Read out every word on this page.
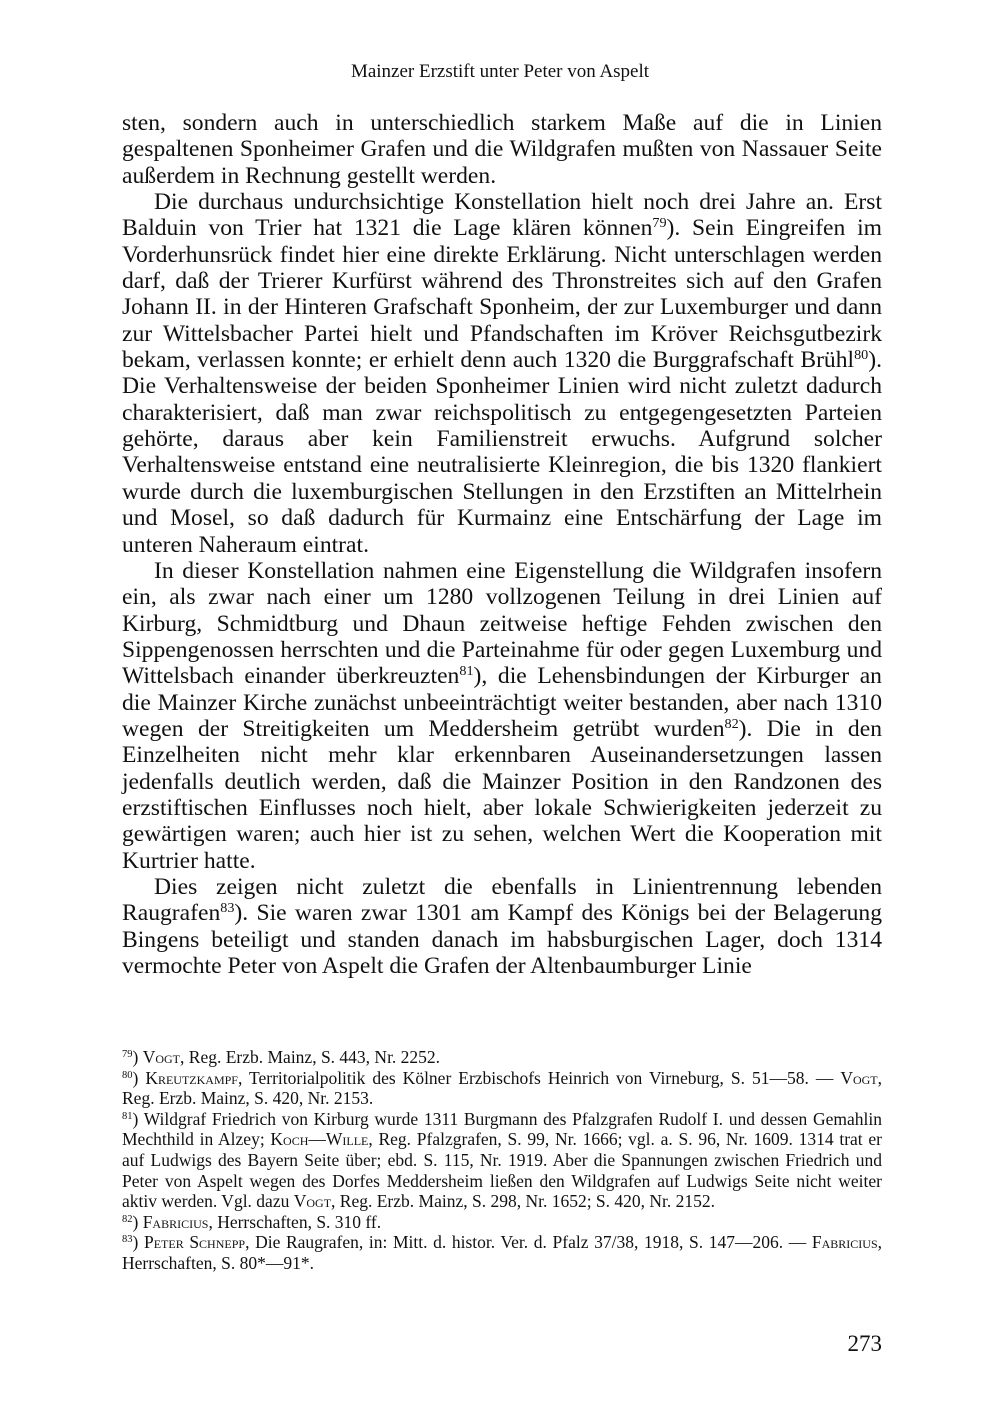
Mainzer Erzstift unter Peter von Aspelt

sten, sondern auch in unterschiedlich starkem Maße auf die in Linien gespaltenen Sponheimer Grafen und die Wildgrafen mußten von Nassauer Seite außerdem in Rechnung gestellt werden.

Die durchaus undurchsichtige Konstellation hielt noch drei Jahre an. Erst Balduin von Trier hat 1321 die Lage klären können$^{79}$). Sein Eingreifen im Vorderhunsrück findet hier eine direkte Erklärung. Nicht unterschlagen werden darf, daß der Trierer Kurfürst während des Thronstreites sich auf den Grafen Johann II. in der Hinteren Grafschaft Sponheim, der zur Luxemburger und dann zur Wittelsbacher Partei hielt und Pfandschaften im Kröver Reichsgutbezirk bekam, verlassen konnte; er erhielt denn auch 1320 die Burggrafschaft Brühl$^{80}$). Die Verhaltensweise der beiden Sponheimer Linien wird nicht zuletzt dadurch charakterisiert, daß man zwar reichspolitisch zu entgegengesetzten Parteien gehörte, daraus aber kein Familienstreit erwuchs. Aufgrund solcher Verhaltensweise entstand eine neutralisierte Kleinregion, die bis 1320 flankiert wurde durch die luxemburgischen Stellungen in den Erzstiften an Mittelrhein und Mosel, so daß dadurch für Kurmainz eine Entschärfung der Lage im unteren Naheraum eintrat.

In dieser Konstellation nahmen eine Eigenstellung die Wildgrafen insofern ein, als zwar nach einer um 1280 vollzogenen Teilung in drei Linien auf Kirburg, Schmidtburg und Dhaun zeitweise heftige Fehden zwischen den Sippengenossen herrschten und die Parteinahme für oder gegen Luxemburg und Wittelsbach einander überkreuzten$^{81}$), die Lehensbindungen der Kirburger an die Mainzer Kirche zunächst unbeeinträchtigt weiter bestanden, aber nach 1310 wegen der Streitigkeiten um Meddersheim getrübt wurden$^{82}$). Die in den Einzelheiten nicht mehr klar erkennbaren Auseinandersetzungen lassen jedenfalls deutlich werden, daß die Mainzer Position in den Randzonen des erzstiftischen Einflusses noch hielt, aber lokale Schwierigkeiten jederzeit zu gewärtigen waren; auch hier ist zu sehen, welchen Wert die Kooperation mit Kurtrier hatte.

Dies zeigen nicht zuletzt die ebenfalls in Linientrennung lebenden Raugrafen$^{83}$). Sie waren zwar 1301 am Kampf des Königs bei der Belagerung Bingens beteiligt und standen danach im habsburgischen Lager, doch 1314 vermochte Peter von Aspelt die Grafen der Altenbaumburger Linie

$^{79}$) Vogt, Reg. Erzb. Mainz, S. 443, Nr. 2252.

$^{80}$) Kreutzkampf, Territorialpolitik des Kölner Erzbischofs Heinrich von Virneburg, S. 51—58. — Vogt, Reg. Erzb. Mainz, S. 420, Nr. 2153.

$^{81}$) Wildgraf Friedrich von Kirburg wurde 1311 Burgmann des Pfalzgrafen Rudolf I. und dessen Gemahlin Mechthild in Alzey; Koch—Wille, Reg. Pfalzgrafen, S. 99, Nr. 1666; vgl. a. S. 96, Nr. 1609. 1314 trat er auf Ludwigs des Bayern Seite über; ebd. S. 115, Nr. 1919. Aber die Spannungen zwischen Friedrich und Peter von Aspelt wegen des Dorfes Meddersheim ließen den Wildgrafen auf Ludwigs Seite nicht weiter aktiv werden. Vgl. dazu Vogt, Reg. Erzb. Mainz, S. 298, Nr. 1652; S. 420, Nr. 2152.

$^{82}$) Fabricius, Herrschaften, S. 310 ff.

$^{83}$) Peter Schnepp, Die Raugrafen, in: Mitt. d. histor. Ver. d. Pfalz 37/38, 1918, S. 147—206. — Fabricius, Herrschaften, S. 80*—91*.

273
